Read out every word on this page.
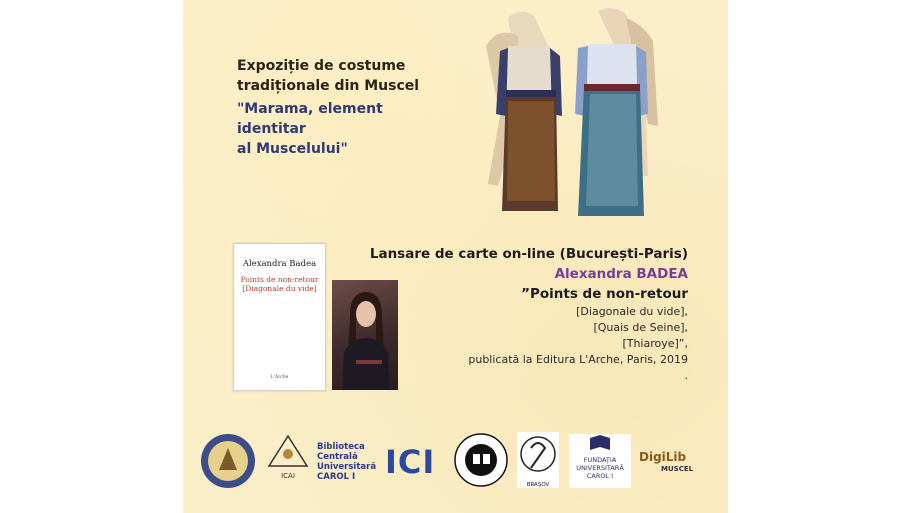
Expoziție de costume
tradiționale din Muscel
"Marama, element identitar
al Muscelului"
Lansare de carte on-line (București-Paris)
Alexandra BADEA
”Points de non-retour
[Diagonale du vide],
[Quais de Seine],
[Thiaroye]”,
publicată la Editura L'Arche, Paris, 2019
.
Alexandra Badea
Points de non-retour
[Diagonale du vide]
L'Arche
ICAI
Biblioteca
Centrală
Universitară
CAROL I ICI
BRAȘOV
FUNDAȚIA
UNIVERSITARĂ
CAROL I
DigiLib
MUSCEL
